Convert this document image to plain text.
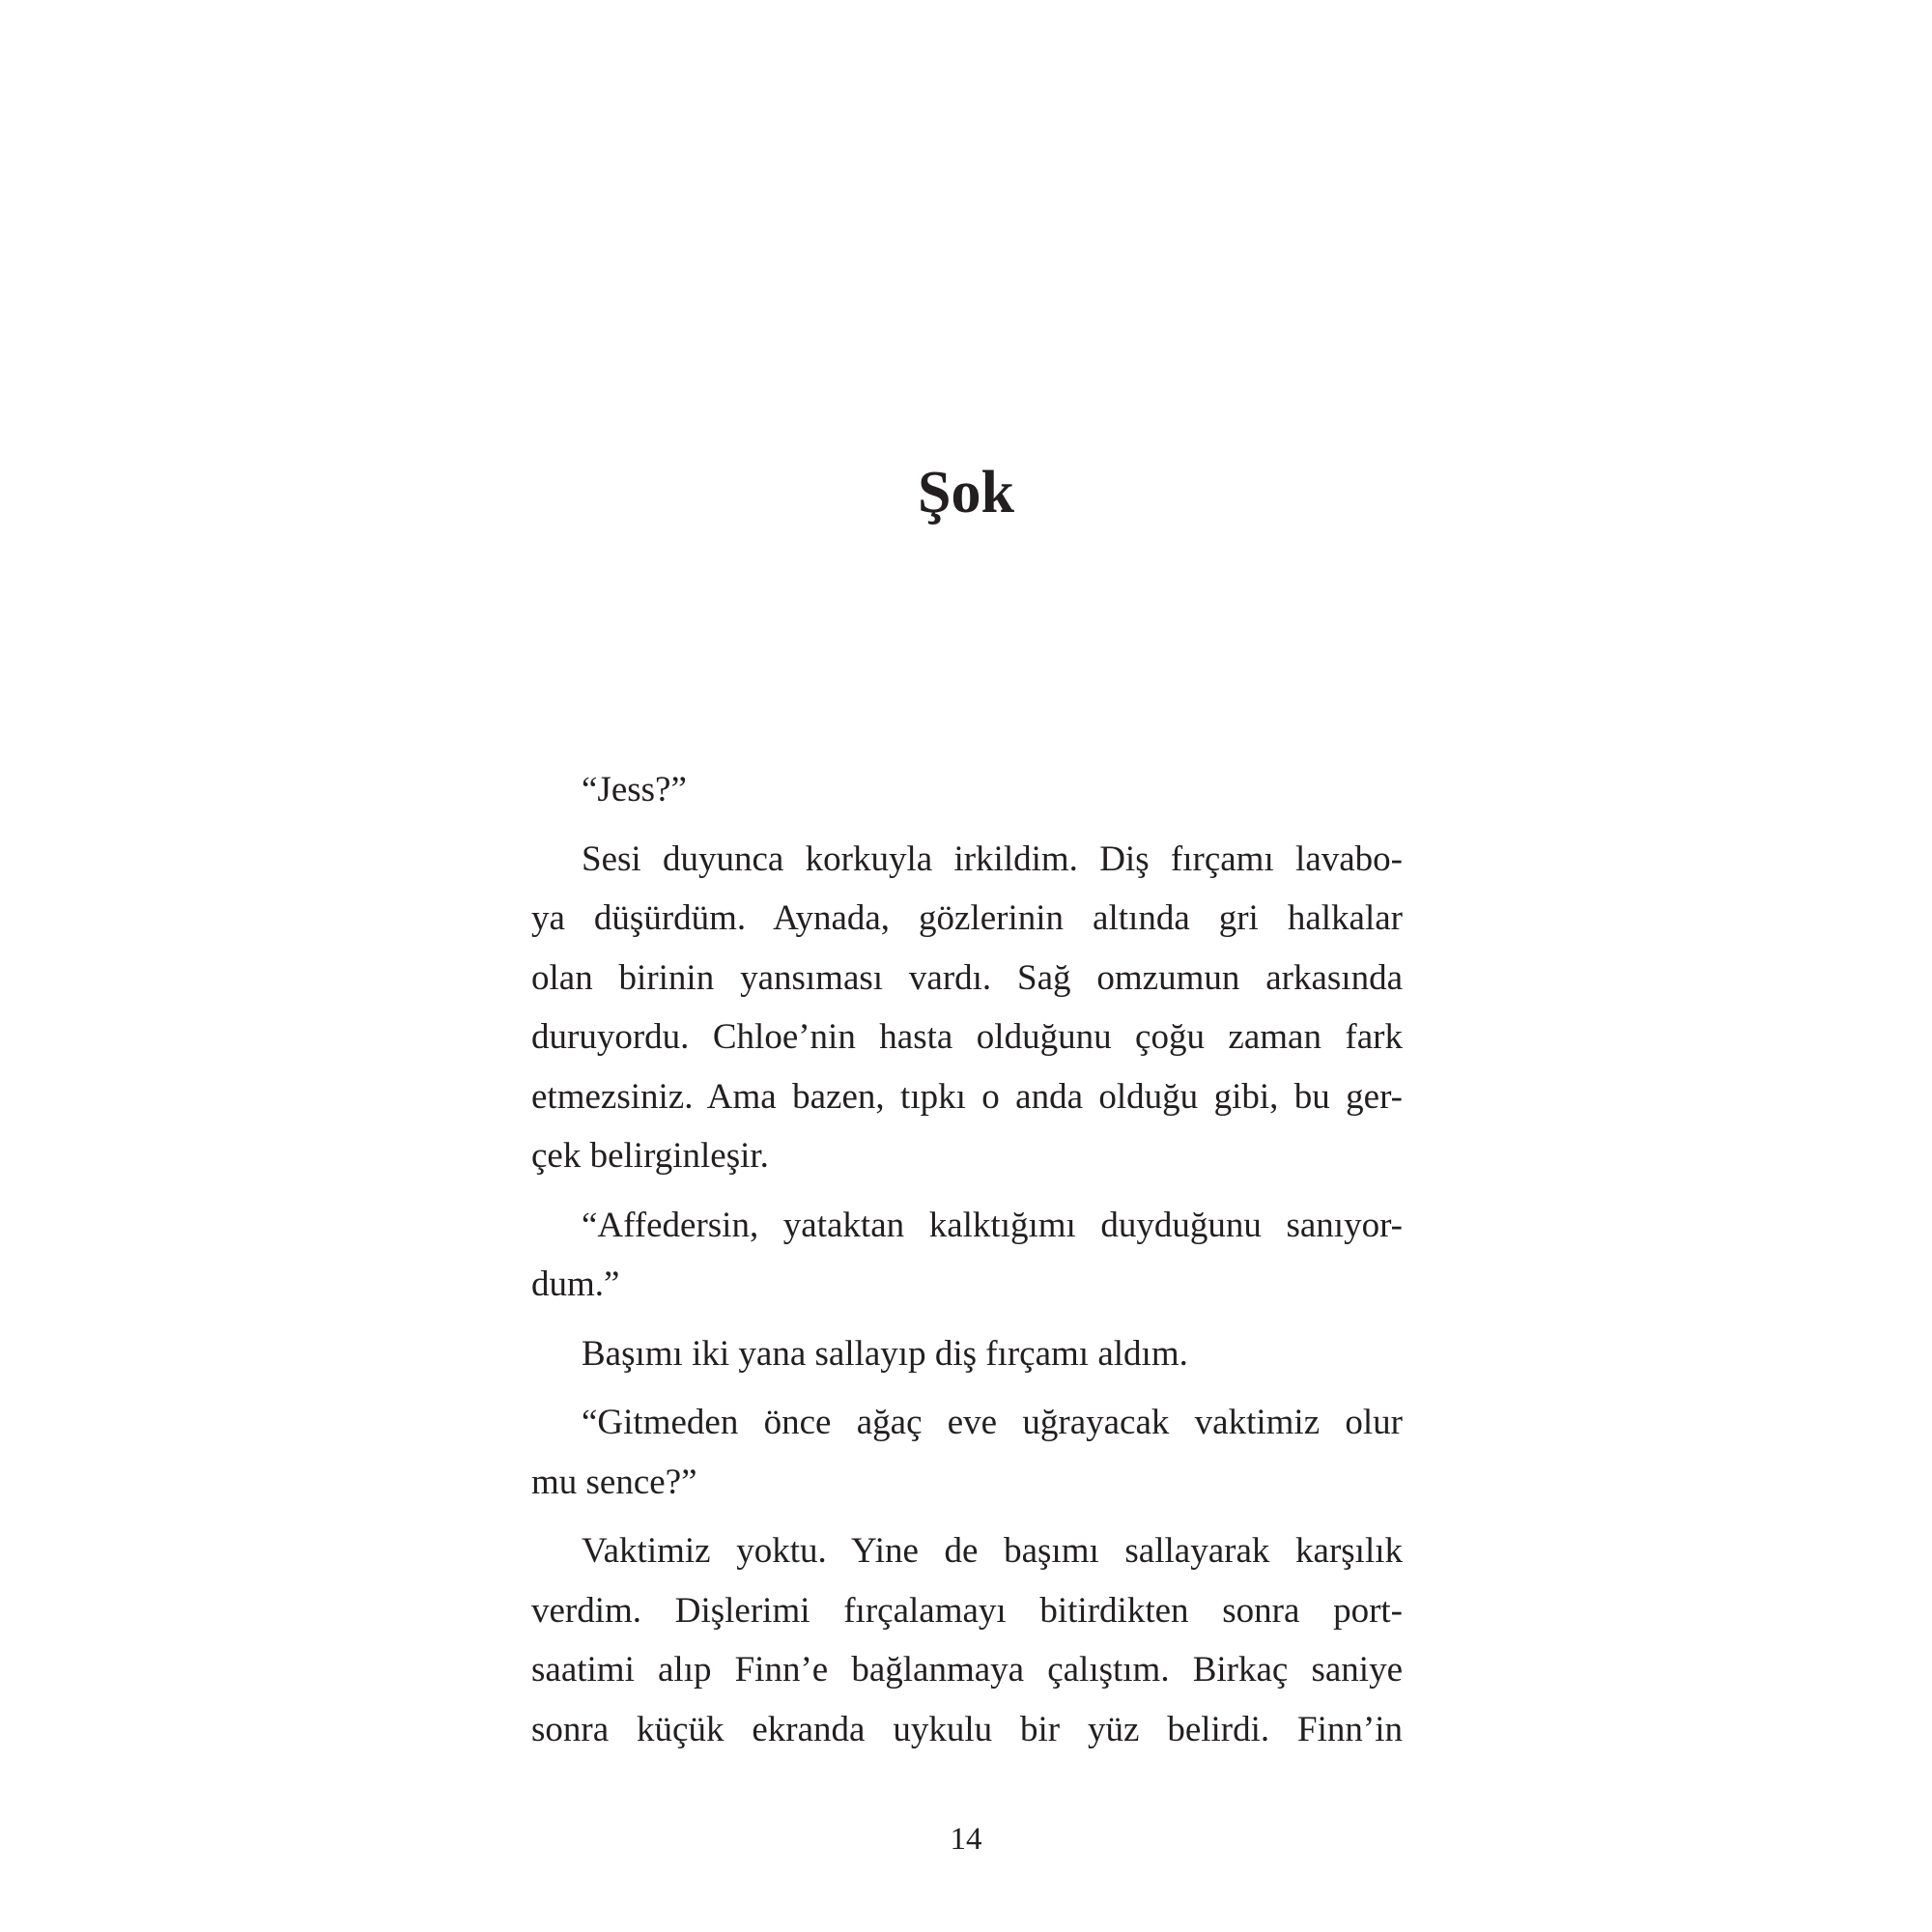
Şok

“Jess?”

Sesi duyunca korkuyla irkildim. Diş fırçamı lavabo-
ya düşürdüm. Aynada, gözlerinin altında gri halkalar
olan birinin yansıması vardı. Sağ omzumun arkasında
duruyordu. Chloe’nin hasta olduğunu çoğu zaman fark
etmezsiniz. Ama bazen, tıpkı o anda olduğu gibi, bu ger-
çek belirginleşir.

“Affedersin, yataktan kalktığımı duyduğunu sanıyor-
dum.”

Başımı iki yana sallayıp diş fırçamı aldım.

“Gitmeden önce ağaç eve uğrayacak vaktimiz olur
mu sence?”

Vaktimiz yoktu. Yine de başımı sallayarak karşılık
verdim. Dişlerimi fırçalamayı bitirdikten sonra port-
saatimi alıp Finn’e bağlanmaya çalıştım. Birkaç saniye
sonra küçük ekranda uykulu bir yüz belirdi. Finn’in

14
